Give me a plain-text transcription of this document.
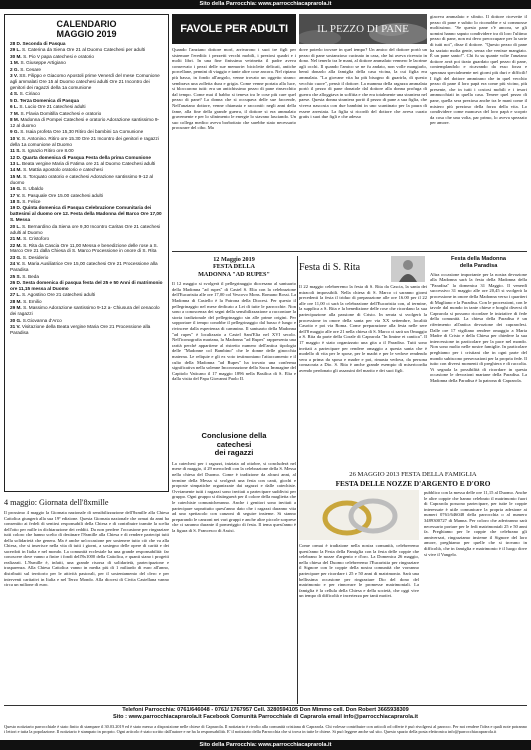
Sito della Parrocchia: www.parrocchiacaprarola.it
CALENDARIO
MAGGIO 2019
28 D. Seconda di Pasqua
29 L. S. Caterina da Siena Ore 21 al Duomo Catechesi per adulti
30 M. S. Pio V papa catechesi e oratorio
1 M. S. Giuseppe Artigiano
2 G. S. Cesare
3 V. SS. Filippo e Giacomo Apostoli prime Venerdì del mese Comunione agli ammalati Ore 15 al Duomo catechesi adulti Ore 21 Incontro dei genitori dei ragazzi della 1a comunione
4 S. S. Ciriaco
5 D. Terza Domenica di Pasqua
6 L. S. Lucio Ore 21 catechesi adulti
7 M. S. Flavia Domitilla Catechesi e oratorio
8 M. Madonna di Pompei Catechesi e oratorio Adorazione santissimo 9-12 al duomo
9 G. S. Isaia profeta Ore 15,30 Ritiro dei bambini 1a Comunione
10 V. S. Antonino. Ritiro ore 15.30 Ore 21 Incontro dei genitori e ragazzi della 1a comunione al Duomo
11 S. S. Ignazio Ritiro ore 8.00
12 D. Quarta domenica di Pasqua Festa della prima Comunione
13 L. Beata vergine Maria di Fatima ore 21 al Duomo Catechesi adulti
14 M. S. Mattia apostolo oratorio e catechesi
15 M. S. Torquato oratorio e catechesi Adorazione santissimo 9-12 al duomo
16 G. S. Ubaldo
17 V. S. Pasquale Ore 15.00 catechesi adulti
18 S. S. Felice
19 D. Quinta domenica di Pasqua Celebrazione Comunitaria dei battesimi al duomo ore 12. Festa della Madonna del Barco Ore 17,00 S. Messa
20 L. S. Bernardino da Siena ore 9,30 Incontro Caritas Ore 21 catechesi adulti al Duomo
21 M. S. Cristoforo
22 M. S. Rita da Cascia Ore 11,00 Messa e benedizione delle rose a S. Marco Ore 21 dalla Chiesa di S. Marco Processione in onore di S. Rita
23 G. S. Desiderio
24 V. S. Maria Ausiliatrice Ore 15,00 catechesi Ore 21 Processione alla Paradisa
25 S. S. Beda
26 D. Sesta domenica di pasqua festa del 25 e 50 Anni di matrimonio ore 11,15 messa al Duomo
27 L. S. Agostino Ore 21 catechesi adulti
28 M. S. Emilio
29 M. S. Massimo Adorazione santissimo 9-12 a- Chiusura del cenacolo dei ragazzi
30 G. S.Giovanna d'Arco
31 V. Visitazione della Beata vergine Maria Ore 21 Processione alla Paradisa
4 maggio: Giornata dell'8xmille

Il prossimo 4 maggio la Giornata nazionale di sensibilizzazione dell'8xmille alla Chiesa Cattolica giungerà alla sua 19ª edizione. Questa Giornata nazionale che ormai da anni ha consentito ai fedeli di sentirsi responsabili della Chiesa e di contribuire tramite la scelta dell'otto per mille in dichiarazione dei redditi. Da non perdere l'occasione per ringraziare tutti coloro che hanno scelto di destinare l'8xmille alla Chiesa e di rendere partecipi tutti della solidarietà che genera. Ma è anche un'occasione per sostenere tutto ciò che va alla Chiesa, che si inserisce nella vita di tutti i giorni, a sostegno delle opere di carità e dei sacerdoti in Italia e nel mondo. La comunità ecclesiale ha una grande responsabilità: far conoscere dove vanno a finire i fondi dell'8x1000 della Cattolica, e quanti siano i progetti realizzati. L'8xmille è, infatti, una grande risorsa di solidarietà, partecipazione e trasparenza. Alla Chiesa Cattolica vanno in media più di 1 miliardo di euro all'anno, distribuiti sul territorio per le attività pastorali, per il sostentamento del clero e per interventi caritativi in Italia e nel Terzo Mondo. Alla diocesi di Civita Castellana vanno circa un milione di euro.

FAVOLE PER ADULTI	IL PEZZO DI PANE

Quando l'anziano dottore morì, arrivarono i suoi tre figli per sistemare l'eredità: i pezzetti vecchi mobili, i preziosi quadri e i molti libri. In una fine finissima vetrinetta il padre aveva conservato i pezzi delle sue memorie: biciclette delicati, antiche porcellane, pennini di viaggio e tante altre cose ancora. Nel ripiano più basso, in fondo all'angolo, venne trovato un oggetto strano: sembrava una zolletta dura e grigia. Come venne portata alla luce, si bloccarono tutti: era un antichissimo pezzo di pane rinsecchito dal tempo. Come mai il babbo si teneva tra le cose più care quel pezzo di pane? La donna che si occupava delle sue faccende, Nell'anziano dottore, venne chiamata e raccontò: negli anni della fame, alla fine della grande guerra, il dottore si era ammalato gravemente e per lo sfinimento le energie lo stavano lasciando. Un suo collega medico aveva borbottato che sarebbe stato necessario procurare del cibo. Ma

dove poterlo trovare in quel tempo? Un amico del dottore portò un pezzo di pane sostanzioso cucinato in casa, che lui aveva ricevuto in dono. Nel tenerlo tra le mani, al dottore ammalato vennero le lacrime agli occhi. Il quando l'amico se ne fu andato, non volle mangiarlo, bensì donarlo alla famiglia della casa vicina, la cui figlia era ammalata. "La giovane vita ha più bisogno di guarirla, di questo vecchio cuore", pensò il dottore. La mamma della ragazza ammalata portò il pezzo di pane donatole dal dottore alla donna profuga di guerra che alloggiava in soffitta e che era totalmente una straniera nel paese. Questa donna straniera portò il pezzo di pane a sua figlia, che viveva nascosta con due bambini in uno scantinato per la paura di essere arrestata. La figlia si ricordò del dottore che aveva curato gratis i suoi due figli e che adesso

giaceva ammalato e sfinito. Il dottore ricevette il pezzo di pane e subito lo riconobbe e si commosse moltissimo. "Se questo pane c'è ancora, se gli uomini hanno saputo condividere tra di loro l'ultimo pezzo di pane, non mi devo preoccupare per la sorte di tutti noi", disse il dottore. "Questo pezzo di pane ha saziato molta gente, senza che venisse mangiato. È un pane santo!". Chi fu su quante volte l'anziano dottore avrà poi tirato guardato quel pezzo di pane, contemplandolo e ricavando da esso forza e speranza specialmente nei giorni più duri e difficili! I figli del dottore ammirano che in quel vecchio pezzo di pane il loro papà era come più vicino, più presente, che in tutti i costosi mobili e i tesori ammucchiati in quella casa. Tenere quel pezzo di pane, quella sera preziosa anche tra le mani come il mistero più prezioso della forza della vita. Lo condividere come mancava del loro papà e scoprir da cosa che una volta, par primo, lo aveva spezzato per amore.

12 Maggio 2019
FESTA DELLA
MADONNA "AD RUPES"

Il 12 maggio si svolgerà il pellegrinaggio diocesano al santuario della Madonna "ad rupes" di Castel S. Elia con la celebrazione dell'Eucaristia alle ore 17,00 col Vescovo Mons. Romano Rossi. La Madonna di Castello è la Patrona della Diocesi. Per questo il pellegrinaggio nel mese dedicato a Lei di tutte le parrocchie. Non sono a conoscenza dei segni della sensibilizzazione a raccontare la storia tradizionale del pellegrinaggio sin alle prime origini. Per sopportare il tempo conobbe il pellegrinaggio dal basso è lungo e rivincere dalla esperienza di cammino. Il santuario della Madonna "ad rupes" è localizzato a Castel Sant'Elia nel XVI secolo. Nell'iconografia mariana, la Madonna "ad Rupes" rappresenta una rarità perché appartiene al ristretto numero dell'antica tipologia delle "Madonne col Bambino" che le donne delle ginocchia materna. Le reliquie e gli ex voto testimoniano l'attaccamento e il culto della Madonna "ad Rupes" ha trovato una conferma significativa nella solenne Incoronazione della Sacra Immagine del Capitolo Vaticano il 17 maggio 1896 nella Basilica di S. Elia e dalla visita del Papa Giovanni Paolo II.

Conclusione della
catechesi
dei ragazzi

La catechesi per i ragazzi, iniziata ad ottobre, si concluderà nel mese di maggio, il 29 mercoledì con la celebrazione della S. Messa nella chiesa del Duomo. Come è tradizione da alcuni anni, al termine della Messa si svolgerà una festa con canti, giochi e proposte simpatiche organizzate dai ragazzi e dalle catechiste. Ovviamente tutti i ragazzi sono invitati a partecipare suddivisi per gruppo. Ogni gruppo si distinguerà per il colore della maglietta che le catechiste comunicheranno. Anche i genitori sono invitati a partecipare soprattutto quest'anno dato che i ragazzi daranno vita ad uno spettacolo con canzoni di seguire insieme. Si stanno preparando le canzoni nei vari gruppi e anche altre piccole sorprese che ci saranno durante il pomeriggio di festa. Il tema quest'anno è la figura di S. Francesco di Assisi.

Festa di S. Rita

Il 22 maggio celebreremo la festa di S. Rita da Cascia, la santa dei miracoli impossibili. Nella chiesa di S. Marco ci saranno giorni precedenti la festa il triduo di preparazione alle ore 16.00 per il 22 alle ore 11,00 ci sarà la celebrazione dell'Eucaristia con, al termine, la supplica a S. Rita e la benedizione delle rose che ricordano la sua partecipazione alla passione di Cristo. In serata si svolgerà la processione in onore della santa per via XX settembre, località Casotto e poi via Roma. Come preparazione alla festa nelle sere dell'8 maggio alle ore 21 nella chiesa di S. Marco ci sarà un Omaggio a S. Rita da parte della Corale di Caprarola "In limine et cantica". Il 17 maggio è stato organizzato una gita a il Paradiso. Tutti sono invitati a partecipare per rendere omaggio a questa santa che è modello di vita per le spose, per le madri e per le vedove rendendo vera a prima da sposa e madre e poi, rimasta vedova, da persona consacrata a Dio. S. Rita è anche grande esempio di misericordia avendo perdonato gli assassini del marito e dei suoi figli.

Festa della Madonna
della Paradisa

Altra occasione importante per la nostra devozione alla Madonna sarà la festa della Madonna della "Paradisa" la domenica 31 Maggio. Il venerdì successivo 31 maggio alle ore 20,45 si svolgerà la processione in onore della Madonna verso i quartieri di Magliano e la Paradisa. Con le processioni, con le tavole dal mondo in tante chiese e borghi diversi di Caprarola si possono ricordare le iniziative di fede della comunità. La chiesa della Paradisa è un riferimento all'antica devozione dei caprarolesi. Dalle ore 17 vigiliano rendere omaggio a Maria Madre di Cristo e della Chiesa per chiedere la sua intercessione in particolare per la pace nel mondo. Non sono molto nelle nostre famiglie. In particolare preghiamo per i cristiani che in ogni parte del mondo subiscono persecuzioni per la propria fede. Il tutto con diversi momenti di preghiera e di raccolta. Vi segnala la possibilità di ricordare in questa occasione le devozioni mariane della Paradisa. La Madonna della Paradisa è la patrona di Caprarola.

26 MAGGIO 2013 FESTA DELLA FAMIGLIA
FESTA DELLE NOZZE D'ARGENTO E D'ORO

Come ormai è tradizione nella nostra comunità, celebreremo quest'anno la Festa della Famiglia con la festa delle coppie che celebrano le nozze d'argento e d'oro. La Domenica 26 maggio, nella chiesa del Duomo celebreremo l'Eucaristia per ringraziare il Signore con le coppie della nostra comunità che vorranno partecipare per ricordare i 25 e 50 anni di matrimonio. Sarà una bellissima occasione per ringraziare Dio del dono del matrimonio e per rinnovare le promesse matrimoniali. La famiglia è la cellula della Chiesa e della società, che oggi vive un tempo di difficoltà e incertezza per tanti motivi.

pubblico con la messa delle ore 11,15 al Duomo. Anche le altre coppie che hanno celebrato il matrimonio fuori di Caprarola possono partecipare, per tutte le coppie interessate è utile comunicare la propria adesione ai numeri 0761/646048 della parrocchia o al numero 3489300727 di Manna. Per coloro che aderiranno sarà necessario portare per le fedi matrimoniali 25 e 50 anni fa. Preghiamo per le coppie che celebrano gli anniversari, ringraziamo insieme il Signore del loro amore, preghiamo per quelle che si trovano in difficoltà, che in famiglia e matrimonio è il luogo dove si vive il Vangelo.

Telefoni Parrocchia: 0761/646048 - 0761/ 1767957 Cell. 3280594105 Don Mimmo cell. Don Robert 3665938309
Sito : www.parrocchiacaprarola.it Facebook Comunità Parrocchiale di Caprarola email info@parrocchiacaprarola.it
Questo notiziario parrocchiale è stato finito di stampare il 30.03.2019 ed è stato messo a disposizione nelle chiese di Caprarola. Il notiziario è rivolto alla comunità cristiana di Caprarola. Chi volesse contribuire con articoli od offerte è può rivolgersi al parroco. Per noi rendere l'idea e quali note potranno i lettori e tutta la popolazione. Il notiziario è stampato in proprio. Ogni articolo è stato scritto dall'autore e ne ha la responsabilità. E' il notiziario della Parrocchia che si trova in tutte le chiese. Si può leggere anche sul sito. Questo spazio della posta elettronica info@parrocchiacaprarola.it
Sito della Parrocchia: www.parrocchiacaprarola.it
